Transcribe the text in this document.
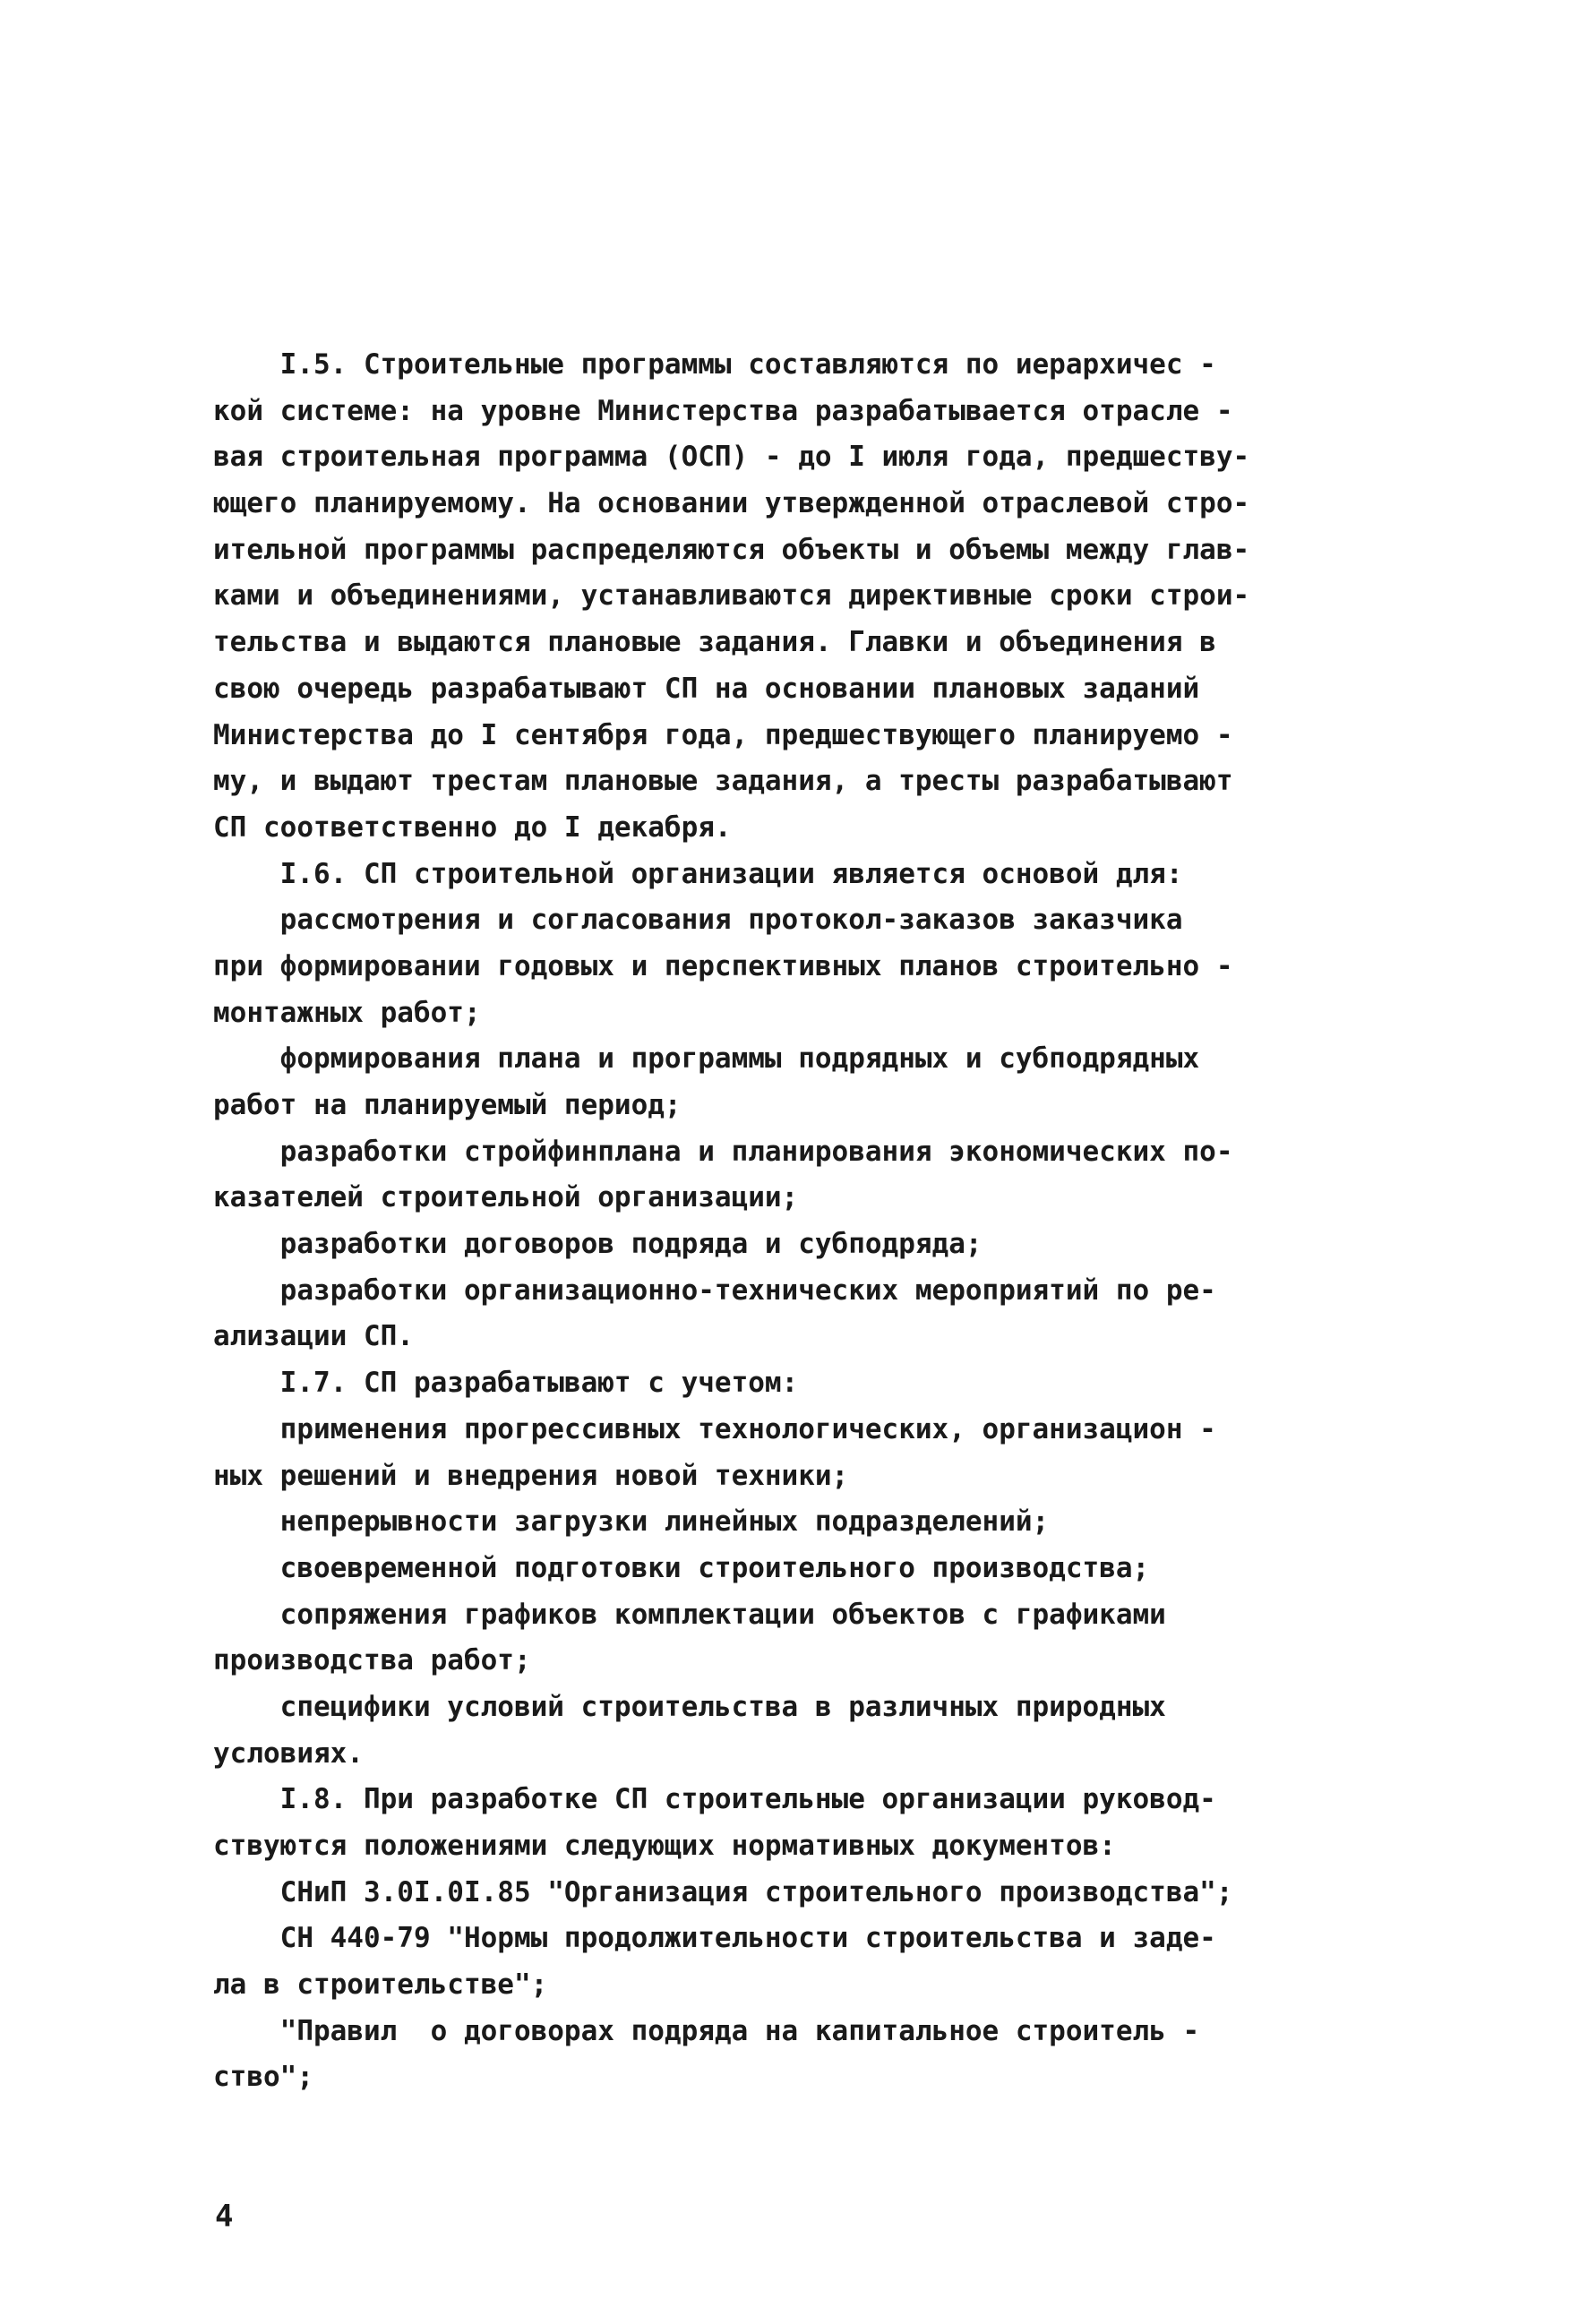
I.5. Строительные программы составляются по иерархичес -
кой системе: на уровне Министерства разрабатывается отрасле -
вая строительная программа (ОСП) - до I июля года, предшеству-
ющего планируемому. На основании утвержденной отраслевой стро-
ительной программы распределяются объекты и объемы между глав-
ками и объединениями, устанавливаются директивные сроки строи-
тельства и выдаются плановые задания. Главки и объединения в
свою очередь разрабатывают СП на основании плановых заданий
Министерства до I сентября года, предшествующего планируемо -
му, и выдают трестам плановые задания, а тресты разрабатывают
СП соответственно до I декабря.
I.6. СП строительной организации является основой для:
рассмотрения и согласования протокол-заказов заказчика
при формировании годовых и перспективных планов строительно -
монтажных работ;
формирования плана и программы подрядных и субподрядных
работ на планируемый период;
разработки стройфинплана и планирования экономических по-
казателей строительной организации;
разработки договоров подряда и субподряда;
разработки организационно-технических мероприятий по ре-
ализации СП.
I.7. СП разрабатывают с учетом:
применения прогрессивных технологических, организацион -
ных решений и внедрения новой техники;
непрерывности загрузки линейных подразделений;
своевременной подготовки строительного производства;
сопряжения графиков комплектации объектов с графиками
производства работ;
специфики условий строительства в различных природных
условиях.
I.8. При разработке СП строительные организации руковод-
ствуются положениями следующих нормативных документов:
СНиП 3.0I.0I.85 "Организация строительного производства";
СН 440-79 "Нормы продолжительности строительства и заде-
ла в строительстве";
"Правил  о договорах подряда на капитальное строитель -
ство";
4
